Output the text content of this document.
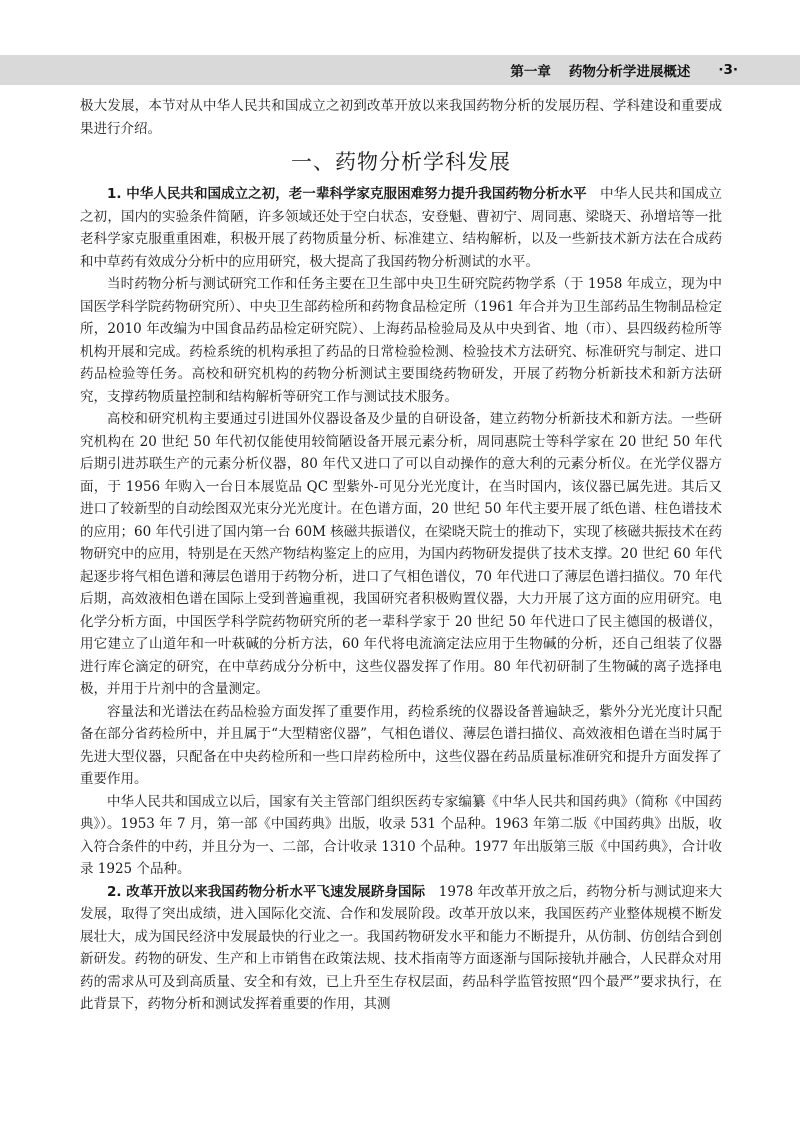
第一章 药物分析学进展概述 ·3·

极大发展，本节对从中华人民共和国成立之初到改革开放以来我国药物分析的发展历程、学科建设和重要成果进行介绍。

一、药物分析学科发展

1. 中华人民共和国成立之初，老一辈科学家克服困难努力提升我国药物分析水平　 中华人民共和国成立之初，国内的实验条件简陋，许多领域还处于空白状态，安登魁、曹初宁、周同惠、梁晓天、孙增培等一批老科学家克服重重困难，积极开展了药物质量分析、标准建立、结构解析，以及一些新技术新方法在合成药和中草药有效成分分析中的应用研究，极大提高了我国药物分析测试的水平。

当时药物分析与测试研究工作和任务主要在卫生部中央卫生研究院药物学系（于 1958 年成立，现为中国医学科学院药物研究所）、中央卫生部药检所和药物食品检定所（1961 年合并为卫生部药品生物制品检定所，2010 年改编为中国食品药品检定研究院）、上海药品检验局及从中央到省、地（市）、县四级药检所等机构开展和完成。药检系统的机构承担了药品的日常检验检测、检验技术方法研究、标准研究与制定、进口药品检验等任务。高校和研究机构的药物分析测试主要围绕药物研发，开展了药物分析新技术和新方法研究，支撑药物质量控制和结构解析等研究工作与测试技术服务。

高校和研究机构主要通过引进国外仪器设备及少量的自研设备，建立药物分析新技术和新方法。一些研究机构在 20 世纪 50 年代初仅能使用较简陋设备开展元素分析，周同惠院士等科学家在 20 世纪 50 年代后期引进苏联生产的元素分析仪器，80 年代又进口了可以自动操作的意大利的元素分析仪。在光学仪器方面，于 1956 年购入一台日本展览品 QC 型紫外-可见分光光度计，在当时国内，该仪器已属先进。其后又进口了较新型的自动绘图双光束分光光度计。在色谱方面，20 世纪 50 年代主要开展了纸色谱、柱色谱技术的应用；60 年代引进了国内第一台 60M 核磁共振谱仪，在梁晓天院士的推动下，实现了核磁共振技术在药物研究中的应用，特别是在天然产物结构鉴定上的应用，为国内药物研发提供了技术支撑。20 世纪 60 年代起逐步将气相色谱和薄层色谱用于药物分析，进口了气相色谱仪，70 年代进口了薄层色谱扫描仪。70 年代后期，高效液相色谱在国际上受到普遍重视，我国研究者积极购置仪器，大力开展了这方面的应用研究。电化学分析方面，中国医学科学院药物研究所的老一辈科学家于 20 世纪 50 年代进口了民主德国的极谱仪，用它建立了山道年和一叶萩碱的分析方法，60 年代将电流滴定法应用于生物碱的分析，还自己组装了仪器进行库仑滴定的研究，在中草药成分分析中，这些仪器发挥了作用。80 年代初研制了生物碱的离子选择电极，并用于片剂中的含量测定。

容量法和光谱法在药品检验方面发挥了重要作用，药检系统的仪器设备普遍缺乏，紫外分光光度计只配备在部分省药检所中，并且属于“大型精密仪器”，气相色谱仪、薄层色谱扫描仪、高效液相色谱在当时属于先进大型仪器，只配备在中央药检所和一些口岸药检所中，这些仪器在药品质量标准研究和提升方面发挥了重要作用。

中华人民共和国成立以后，国家有关主管部门组织医药专家编纂《中华人民共和国药典》（简称《中国药典》）。1953 年 7 月，第一部《中国药典》出版，收录 531 个品种。1963 年第二版《中国药典》出版，收入符合条件的中药，并且分为一、二部，合计收录 1310 个品种。1977 年出版第三版《中国药典》，合计收录 1925 个品种。

2. 改革开放以来我国药物分析水平飞速发展跻身国际　 1978 年改革开放之后，药物分析与测试迎来大发展，取得了突出成绩，进入国际化交流、合作和发展阶段。改革开放以来，我国医药产业整体规模不断发展壮大，成为国民经济中发展最快的行业之一。我国药物研发水平和能力不断提升，从仿制、仿创结合到创新研发。药物的研发、生产和上市销售在政策法规、技术指南等方面逐渐与国际接轨并融合，人民群众对用药的需求从可及到高质量、安全和有效，已上升至生存权层面，药品科学监管按照“四个最严”要求执行，在此背景下，药物分析和测试发挥着重要的作用，其测
